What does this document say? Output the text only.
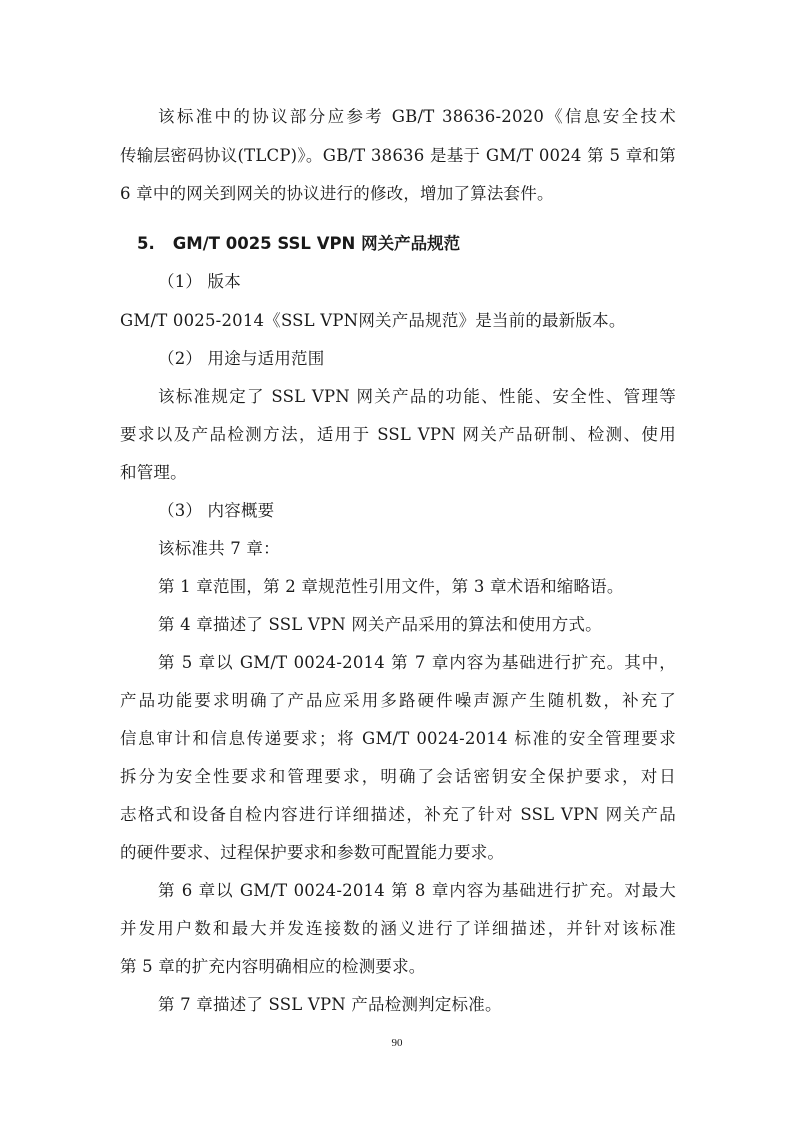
该标准中的协议部分应参考 GB/T 38636-2020《信息安全技术
传输层密码协议(TLCP)》。GB/T 38636 是基于 GM/T 0024 第 5 章和第
6 章中的网关到网关的协议进行的修改，增加了算法套件。
5. GM/T 0025 SSL VPN 网关产品规范
（1） 版本
GM/T 0025-2014《SSL VPN网关产品规范》是当前的最新版本。
（2） 用途与适用范围
该标准规定了 SSL VPN 网关产品的功能、性能、安全性、管理等
要求以及产品检测方法，适用于 SSL VPN 网关产品研制、检测、使用
和管理。
（3） 内容概要
该标准共 7 章：
第 1 章范围，第 2 章规范性引用文件，第 3 章术语和缩略语。
第 4 章描述了 SSL VPN 网关产品采用的算法和使用方式。
第 5 章以 GM/T 0024-2014 第 7 章内容为基础进行扩充。其中，
产品功能要求明确了产品应采用多路硬件噪声源产生随机数，补充了
信息审计和信息传递要求；将 GM/T 0024-2014 标准的安全管理要求
拆分为安全性要求和管理要求，明确了会话密钥安全保护要求，对日
志格式和设备自检内容进行详细描述，补充了针对 SSL VPN 网关产品
的硬件要求、过程保护要求和参数可配置能力要求。
第 6 章以 GM/T 0024-2014 第 8 章内容为基础进行扩充。对最大
并发用户数和最大并发连接数的涵义进行了详细描述，并针对该标准
第 5 章的扩充内容明确相应的检测要求。
第 7 章描述了 SSL VPN 产品检测判定标准。
90
